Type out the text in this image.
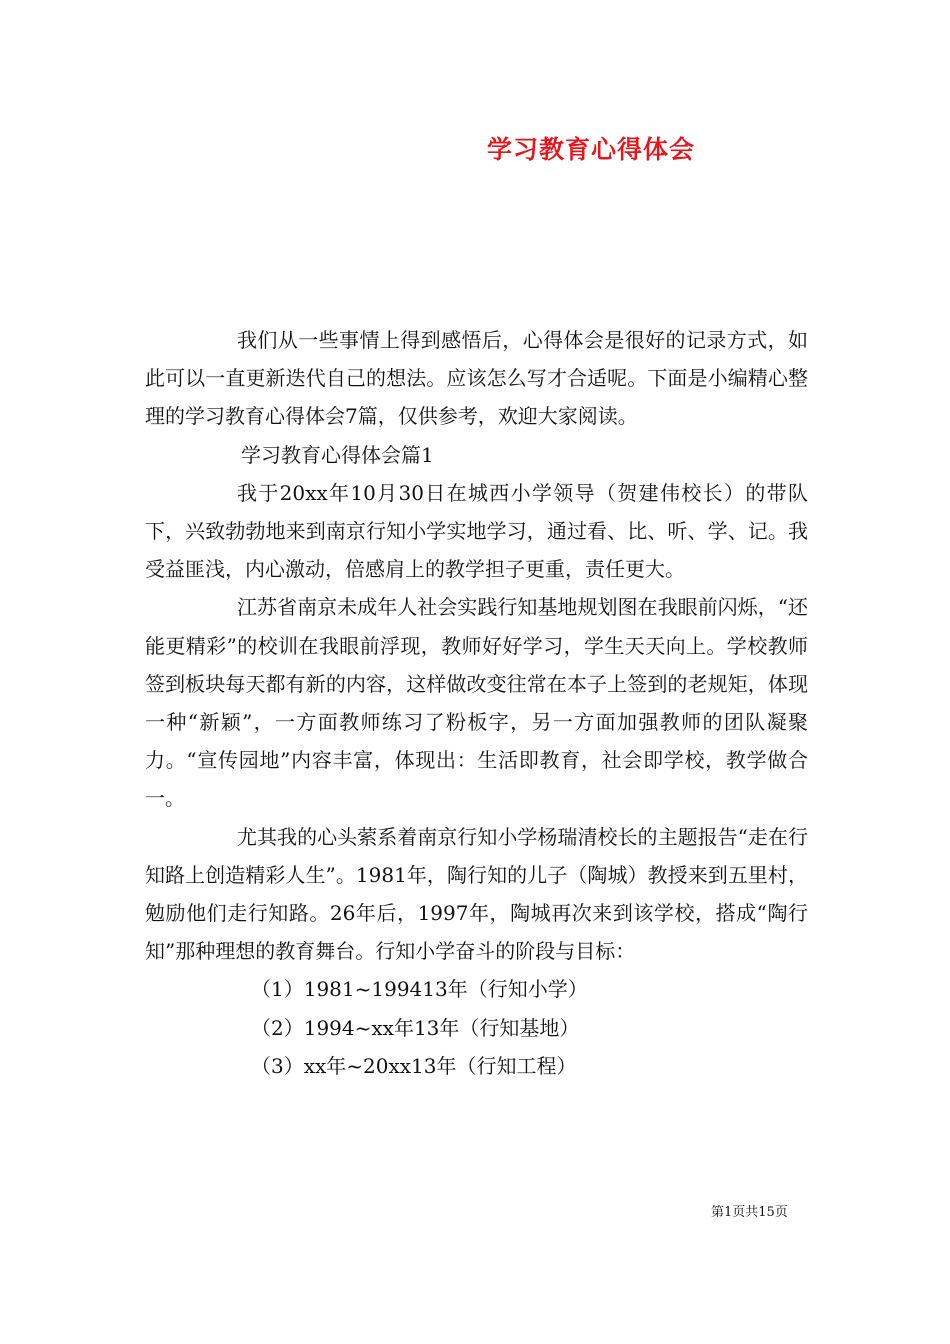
学习教育心得体会

我们从一些事情上得到感悟后，心得体会是很好的记录方式，如此可以一直更新迭代自己的想法。应该怎么写才合适呢。下面是小编精心整理的学习教育心得体会7篇，仅供参考，欢迎大家阅读。

学习教育心得体会篇1

我于20xx年10月30日在城西小学领导（贺建伟校长）的带队下，兴致勃勃地来到南京行知小学实地学习，通过看、比、听、学、记。我受益匪浅，内心激动，倍感肩上的教学担子更重，责任更大。

江苏省南京未成年人社会实践行知基地规划图在我眼前闪烁，“还能更精彩”的校训在我眼前浮现，教师好好学习，学生天天向上。学校教师签到板块每天都有新的内容，这样做改变往常在本子上签到的老规矩，体现一种“新颖”，一方面教师练习了粉板字，另一方面加强教师的团队凝聚力。“宣传园地”内容丰富，体现出：生活即教育，社会即学校，教学做合一。

尤其我的心头萦系着南京行知小学杨瑞清校长的主题报告“走在行知路上创造精彩人生”。1981年，陶行知的儿子（陶城）教授来到五里村，勉励他们走行知路。26年后，1997年，陶城再次来到该学校，搭成“陶行知”那种理想的教育舞台。行知小学奋斗的阶段与目标：

（1）1981~199413年（行知小学）

（2）1994~xx年13年（行知基地）

（3）xx年~20xx13年（行知工程）

第1页共15页
